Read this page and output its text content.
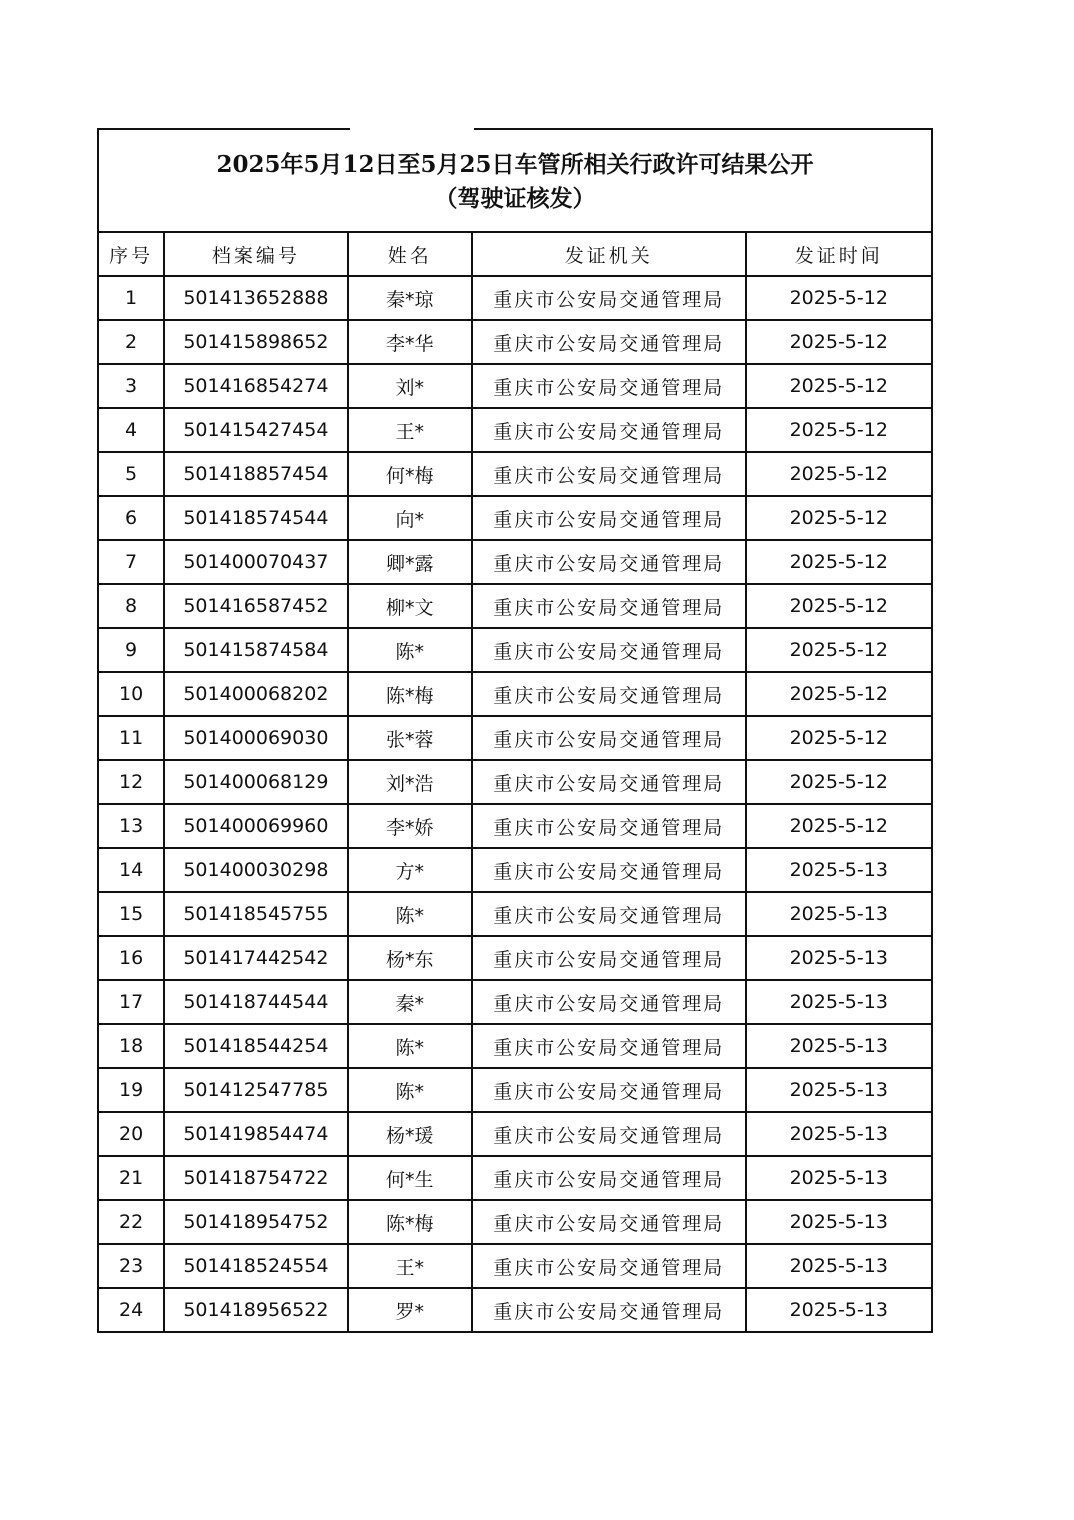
2025年5月12日至5月25日车管所相关行政许可结果公开
（驾驶证核发）
序号	档案编号	姓名	发证机关	发证时间
1	501413652888	秦*琼	重庆市公安局交通管理局	2025-5-12
2	501415898652	李*华	重庆市公安局交通管理局	2025-5-12
3	501416854274	刘*	重庆市公安局交通管理局	2025-5-12
4	501415427454	王*	重庆市公安局交通管理局	2025-5-12
5	501418857454	何*梅	重庆市公安局交通管理局	2025-5-12
6	501418574544	向*	重庆市公安局交通管理局	2025-5-12
7	501400070437	卿*露	重庆市公安局交通管理局	2025-5-12
8	501416587452	柳*文	重庆市公安局交通管理局	2025-5-12
9	501415874584	陈*	重庆市公安局交通管理局	2025-5-12
10	501400068202	陈*梅	重庆市公安局交通管理局	2025-5-12
11	501400069030	张*蓉	重庆市公安局交通管理局	2025-5-12
12	501400068129	刘*浩	重庆市公安局交通管理局	2025-5-12
13	501400069960	李*娇	重庆市公安局交通管理局	2025-5-12
14	501400030298	方*	重庆市公安局交通管理局	2025-5-13
15	501418545755	陈*	重庆市公安局交通管理局	2025-5-13
16	501417442542	杨*东	重庆市公安局交通管理局	2025-5-13
17	501418744544	秦*	重庆市公安局交通管理局	2025-5-13
18	501418544254	陈*	重庆市公安局交通管理局	2025-5-13
19	501412547785	陈*	重庆市公安局交通管理局	2025-5-13
20	501419854474	杨*瑗	重庆市公安局交通管理局	2025-5-13
21	501418754722	何*生	重庆市公安局交通管理局	2025-5-13
22	501418954752	陈*梅	重庆市公安局交通管理局	2025-5-13
23	501418524554	王*	重庆市公安局交通管理局	2025-5-13
24	501418956522	罗*	重庆市公安局交通管理局	2025-5-13
